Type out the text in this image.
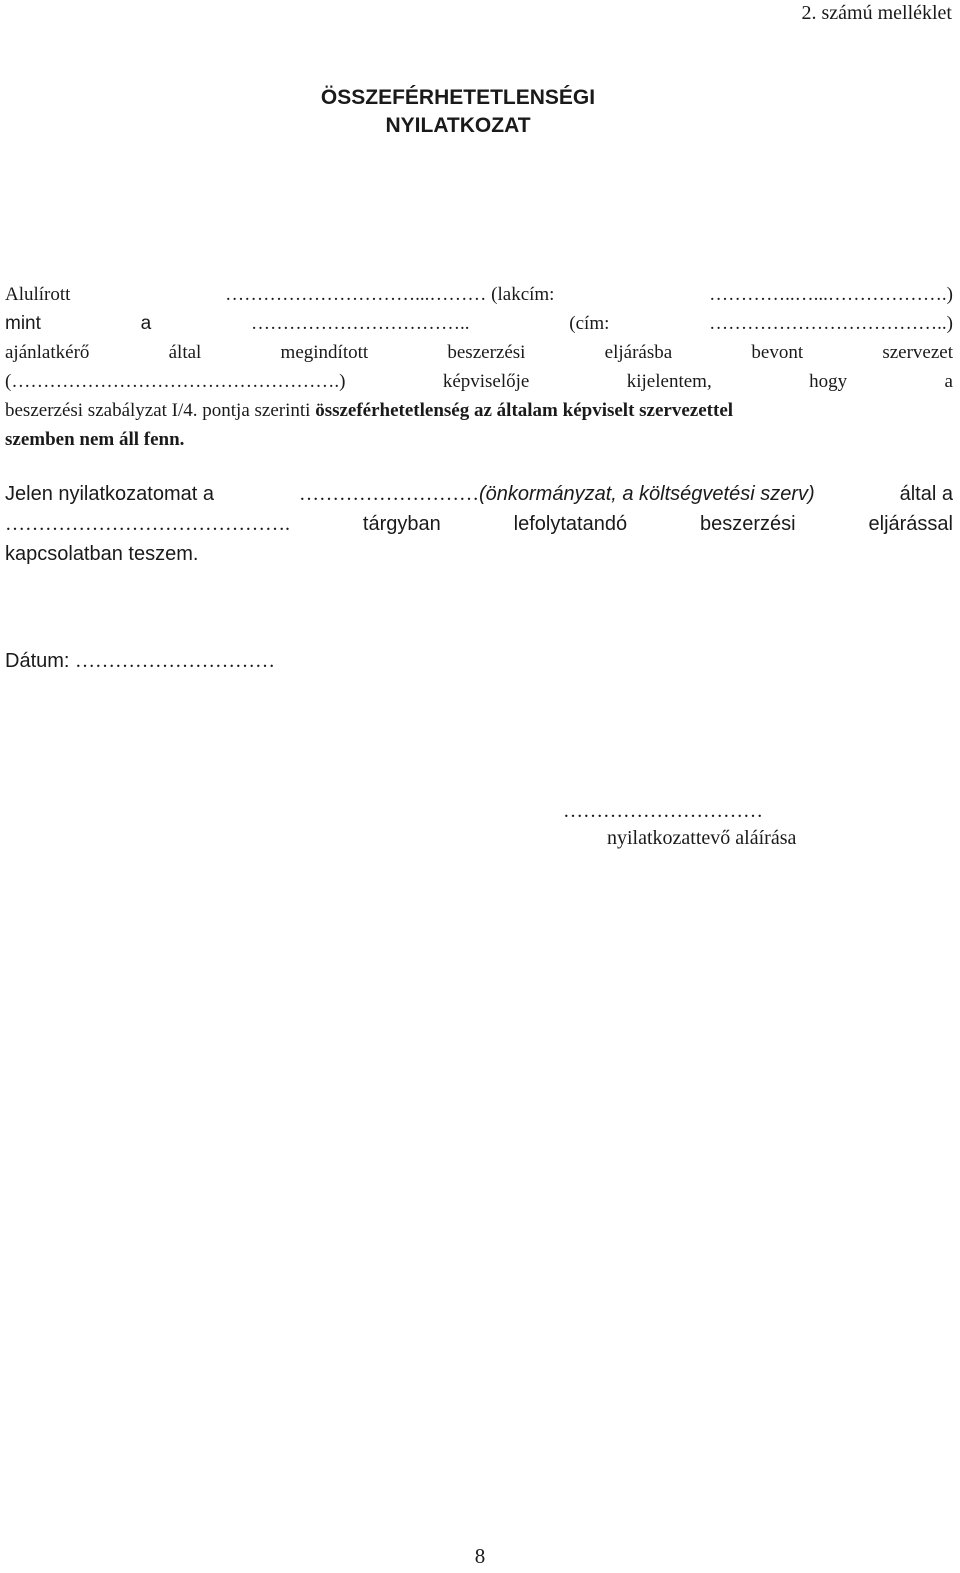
2. számú melléklet
ÖSSZEFÉRHETETLENSÉGI
NYILATKOZAT
Alulírott	…………………………...……… (lakcím:	…………..…...……………….)
mint	a	……………………………..	(cím:	………………………………..)
ajánlatkérő	által	megindított	beszerzési	eljárásba	bevont	szervezet
(…………………………………………….)	képviselője	kijelentem,	hogy	a
beszerzési szabályzat I/4. pontja szerinti összeférhetetlenség az általam képviselt szervezettel
szemben nem áll fenn.
Jelen nyilatkozatomat a	……………………… (önkormányzat, a költségvetési szerv)	által a
…………………………………….	tárgyban	lefolytatandó	beszerzési	eljárással
kapcsolatban teszem.
Dátum: …………………………
…………………………
nyilatkozattevő aláírása
8
